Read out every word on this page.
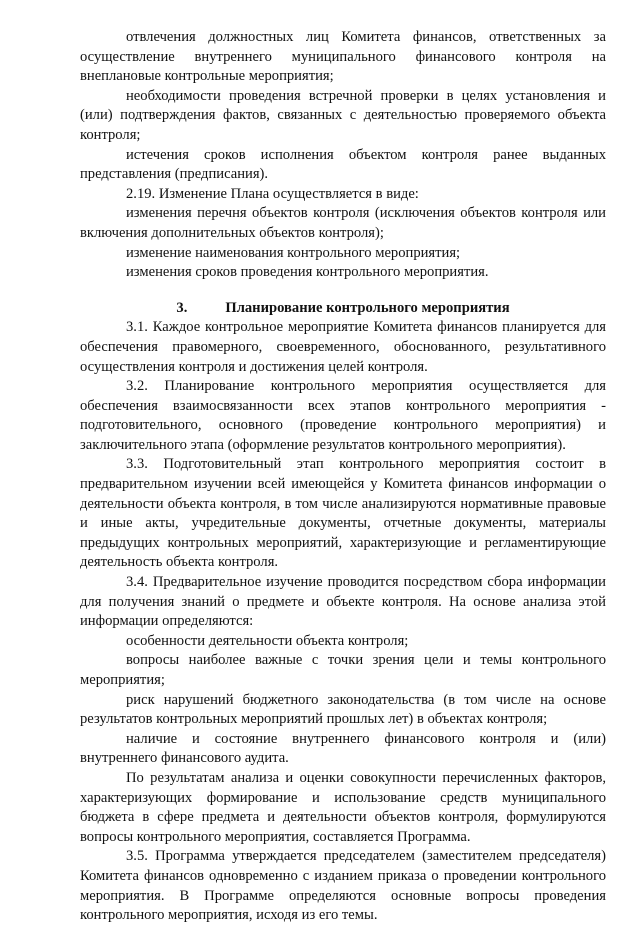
отвлечения должностных лиц Комитета финансов, ответственных за осуществление внутреннего муниципального финансового контроля на внеплановые контрольные мероприятия;

необходимости проведения встречной проверки в целях установления и (или) подтверждения фактов, связанных с деятельностью проверяемого объекта контроля;

истечения сроков исполнения объектом контроля ранее выданных представления (предписания).

2.19. Изменение Плана осуществляется в виде:

изменения перечня объектов контроля (исключения объектов контроля или включения дополнительных объектов контроля);

изменение наименования контрольного мероприятия;

изменения сроков проведения контрольного мероприятия.

3.	Планирование контрольного мероприятия

3.1. Каждое контрольное мероприятие Комитета финансов планируется для обеспечения правомерного, своевременного, обоснованного, результативного осуществления контроля и достижения целей контроля.

3.2. Планирование контрольного мероприятия осуществляется для обеспечения взаимосвязанности всех этапов контрольного мероприятия - подготовительного, основного (проведение контрольного мероприятия) и заключительного этапа (оформление результатов контрольного мероприятия).

3.3. Подготовительный этап контрольного мероприятия состоит в предварительном изучении всей имеющейся у Комитета финансов информации о деятельности объекта контроля, в том числе анализируются нормативные правовые и иные акты, учредительные документы, отчетные документы, материалы предыдущих контрольных мероприятий, характеризующие и регламентирующие деятельность объекта контроля.

3.4. Предварительное изучение проводится посредством сбора информации для получения знаний о предмете и объекте контроля. На основе анализа этой информации определяются:

особенности деятельности объекта контроля;

вопросы наиболее важные с точки зрения цели и темы контрольного мероприятия;

риск нарушений бюджетного законодательства (в том числе на основе результатов контрольных мероприятий прошлых лет) в объектах контроля;

наличие и состояние внутреннего финансового контроля и (или) внутреннего финансового аудита.

По результатам анализа и оценки совокупности перечисленных факторов, характеризующих формирование и использование средств муниципального бюджета в сфере предмета и деятельности объектов контроля, формулируются вопросы контрольного мероприятия, составляется Программа.

3.5. Программа утверждается председателем (заместителем председателя) Комитета финансов одновременно с изданием приказа о проведении контрольного мероприятия. В Программе определяются основные вопросы проведения контрольного мероприятия, исходя из его темы.
